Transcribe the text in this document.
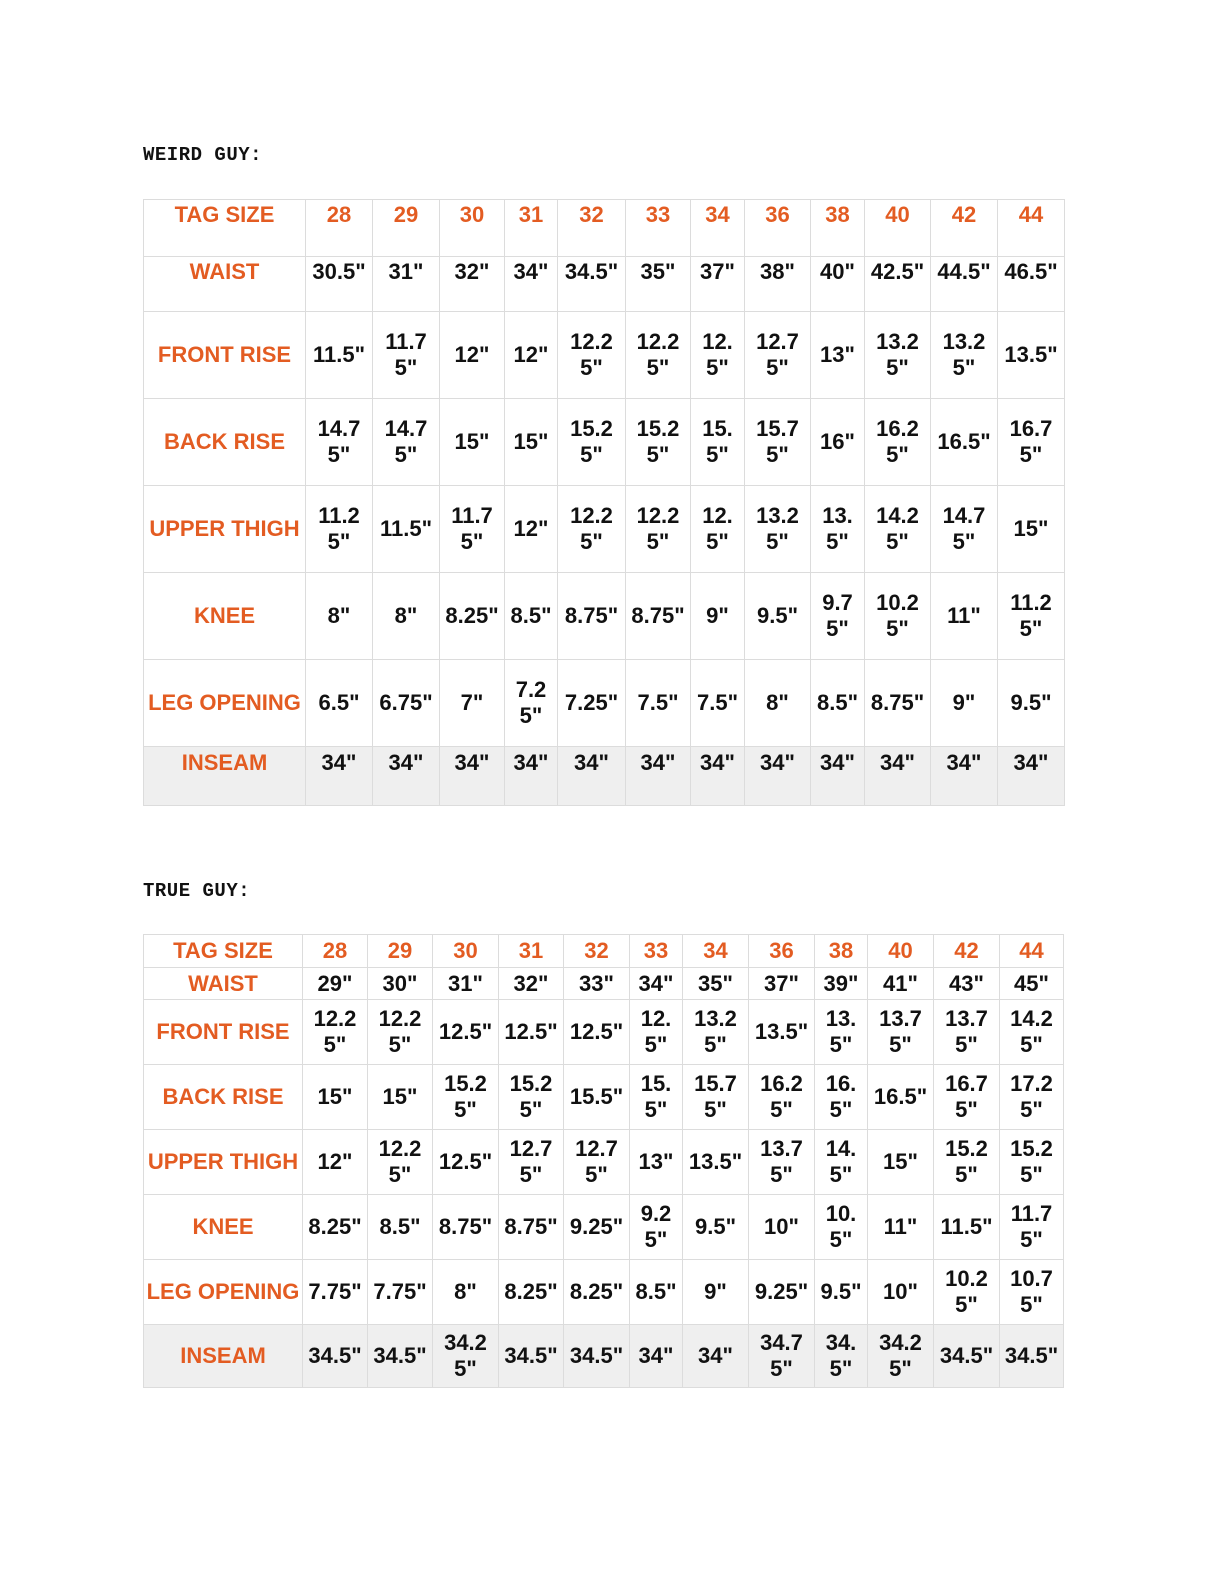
WEIRD GUY:
TAG SIZE	28	29	30	31	32	33	34	36	38	40	42	44
WAIST	30.5"	31"	32"	34"	34.5"	35"	37"	38"	40"	42.5"	44.5"	46.5"
FRONT RISE	11.5"	11.75"	12"	12"	12.25"	12.25"	12.5"	12.75"	13"	13.25"	13.25"	13.5"
BACK RISE	14.75"	14.75"	15"	15"	15.25"	15.25"	15.5"	15.75"	16"	16.25"	16.5"	16.75"
UPPER THIGH	11.25"	11.5"	11.75"	12"	12.25"	12.25"	12.5"	13.25"	13.5"	14.25"	14.75"	15"
KNEE	8"	8"	8.25"	8.5"	8.75"	8.75"	9"	9.5"	9.75"	10.25"	11"	11.25"
LEG OPENING	6.5"	6.75"	7"	7.25"	7.25"	7.5"	7.5"	8"	8.5"	8.75"	9"	9.5"
INSEAM	34"	34"	34"	34"	34"	34"	34"	34"	34"	34"	34"	34"
TRUE GUY:
TAG SIZE	28	29	30	31	32	33	34	36	38	40	42	44
WAIST	29"	30"	31"	32"	33"	34"	35"	37"	39"	41"	43"	45"
FRONT RISE	12.25"	12.25"	12.5"	12.5"	12.5"	12.5"	13.25"	13.5"	13.5"	13.75"	13.75"	14.25"
BACK RISE	15"	15"	15.25"	15.25"	15.5"	15.5"	15.75"	16.25"	16.5"	16.5"	16.75"	17.25"
UPPER THIGH	12"	12.25"	12.5"	12.75"	12.75"	13"	13.5"	13.75"	14.5"	15"	15.25"	15.25"
KNEE	8.25"	8.5"	8.75"	8.75"	9.25"	9.25"	9.5"	10"	10.5"	11"	11.5"	11.75"
LEG OPENING	7.75"	7.75"	8"	8.25"	8.25"	8.5"	9"	9.25"	9.5"	10"	10.25"	10.75"
INSEAM	34.5"	34.5"	34.25"	34.5"	34.5"	34"	34"	34.75"	34.5"	34.25"	34.5"	34.5"
